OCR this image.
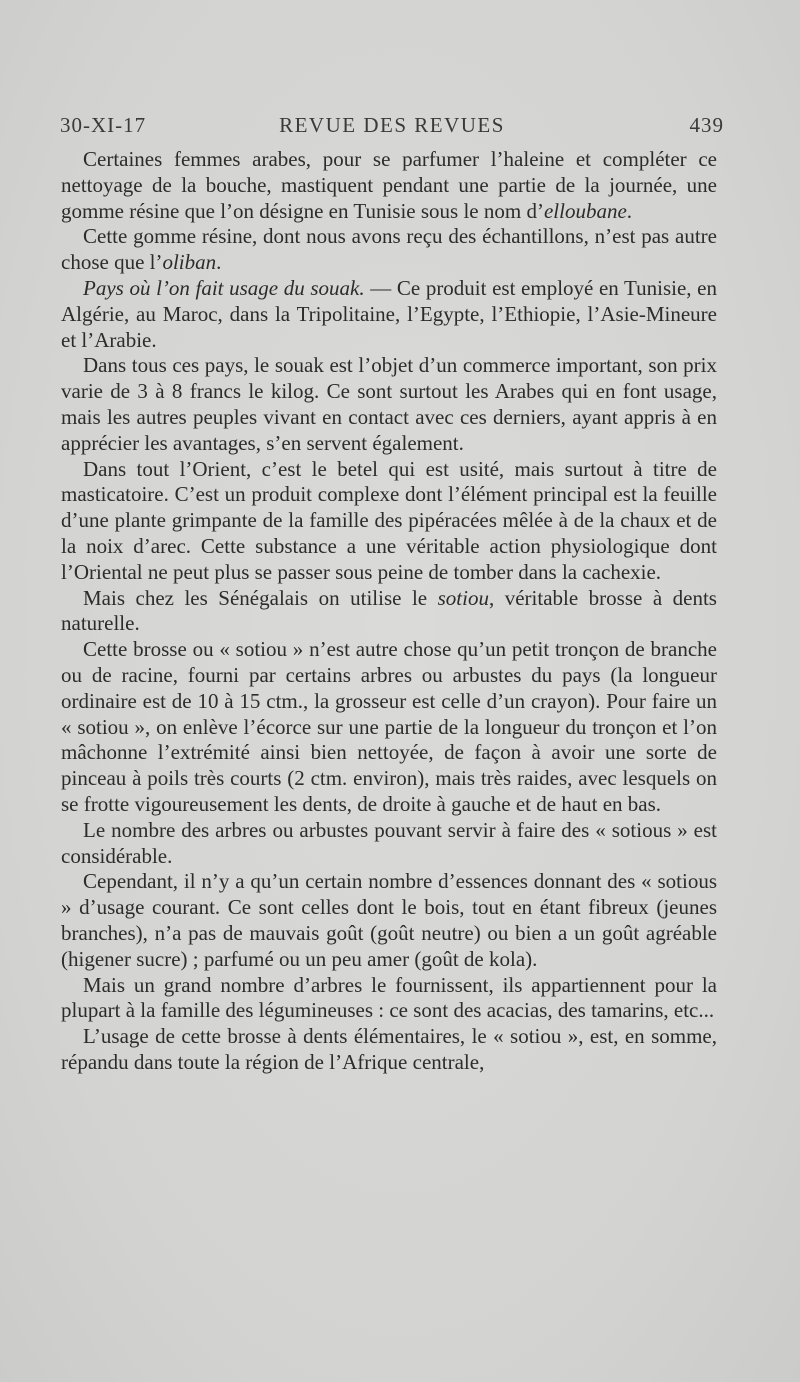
30-XI-17	REVUE DES REVUES	439

Certaines femmes arabes, pour se parfumer l’haleine et compléter ce nettoyage de la bouche, mastiquent pendant une partie de la journée, une gomme résine que l’on désigne en Tunisie sous le nom d’elloubane.

Cette gomme résine, dont nous avons reçu des échantillons, n’est pas autre chose que l’oliban.

Pays où l’on fait usage du souak. — Ce produit est employé en Tunisie, en Algérie, au Maroc, dans la Tripolitaine, l’Egypte, l’Ethiopie, l’Asie-Mineure et l’Arabie.

Dans tous ces pays, le souak est l’objet d’un commerce important, son prix varie de 3 à 8 francs le kilog. Ce sont surtout les Arabes qui en font usage, mais les autres peuples vivant en contact avec ces derniers, ayant appris à en apprécier les avantages, s’en servent également.

Dans tout l’Orient, c’est le betel qui est usité, mais surtout à titre de masticatoire. C’est un produit complexe dont l’élément principal est la feuille d’une plante grimpante de la famille des pipéracées mêlée à de la chaux et de la noix d’arec. Cette substance a une véritable action physiologique dont l’Oriental ne peut plus se passer sous peine de tomber dans la cachexie.

Mais chez les Sénégalais on utilise le sotiou, véritable brosse à dents naturelle.

Cette brosse ou « sotiou » n’est autre chose qu’un petit tronçon de branche ou de racine, fourni par certains arbres ou arbustes du pays (la longueur ordinaire est de 10 à 15 ctm., la grosseur est celle d’un crayon). Pour faire un « sotiou », on enlève l’écorce sur une partie de la longueur du tronçon et l’on mâchonne l’extrémité ainsi bien nettoyée, de façon à avoir une sorte de pinceau à poils très courts (2 ctm. environ), mais très raides, avec lesquels on se frotte vigoureusement les dents, de droite à gauche et de haut en bas.

Le nombre des arbres ou arbustes pouvant servir à faire des « sotious » est considérable.

Cependant, il n’y a qu’un certain nombre d’essences donnant des « sotious » d’usage courant. Ce sont celles dont le bois, tout en étant fibreux (jeunes branches), n’a pas de mauvais goût (goût neutre) ou bien a un goût agréable (higener sucre) ; parfumé ou un peu amer (goût de kola).

Mais un grand nombre d’arbres le fournissent, ils appartiennent pour la plupart à la famille des légumineuses : ce sont des acacias, des tamarins, etc...

L’usage de cette brosse à dents élémentaires, le « sotiou », est, en somme, répandu dans toute la région de l’Afrique centrale,
